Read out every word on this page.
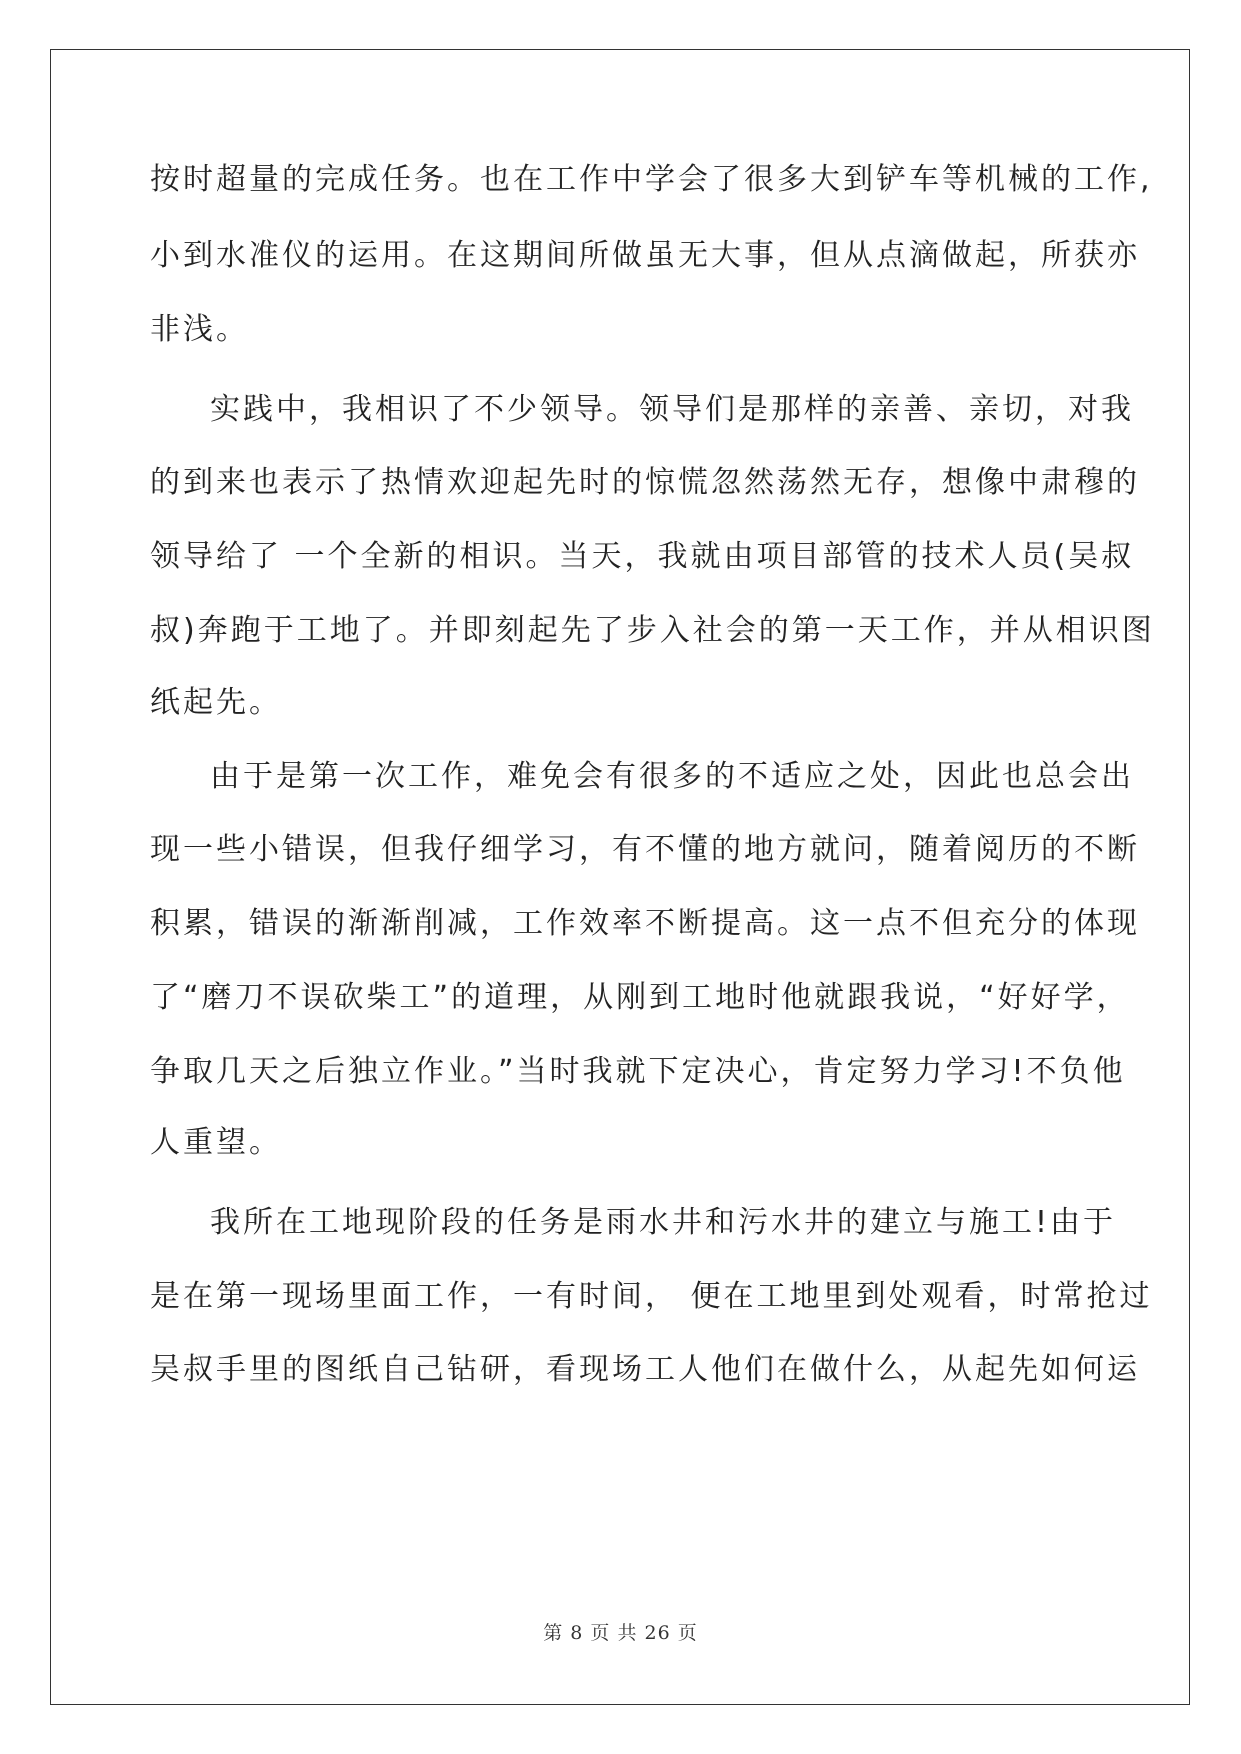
按时超量的完成任务。也在工作中学会了很多大到铲车等机械的工作,
小到水准仪的运用。在这期间所做虽无大事，但从点滴做起，所获亦
非浅。
实践中，我相识了不少领导。领导们是那样的亲善、亲切，对我
的到来也表示了热情欢迎起先时的惊慌忽然荡然无存，想像中肃穆的
领导给了 一个全新的相识。当天，我就由项目部管的技术人员(吴叔
叔)奔跑于工地了。并即刻起先了步入社会的第一天工作，并从相识图
纸起先。
由于是第一次工作，难免会有很多的不适应之处，因此也总会出
现一些小错误，但我仔细学习，有不懂的地方就问，随着阅历的不断
积累，错误的渐渐削减，工作效率不断提高。这一点不但充分的体现
了“磨刀不误砍柴工”的道理，从刚到工地时他就跟我说，“好好学，
争取几天之后独立作业。”当时我就下定决心，肯定努力学习!不负他
人重望。
我所在工地现阶段的任务是雨水井和污水井的建立与施工!由于
是在第一现场里面工作，一有时间， 便在工地里到处观看，时常抢过
吴叔手里的图纸自己钻研，看现场工人他们在做什么，从起先如何运
第 8 页 共 26 页
